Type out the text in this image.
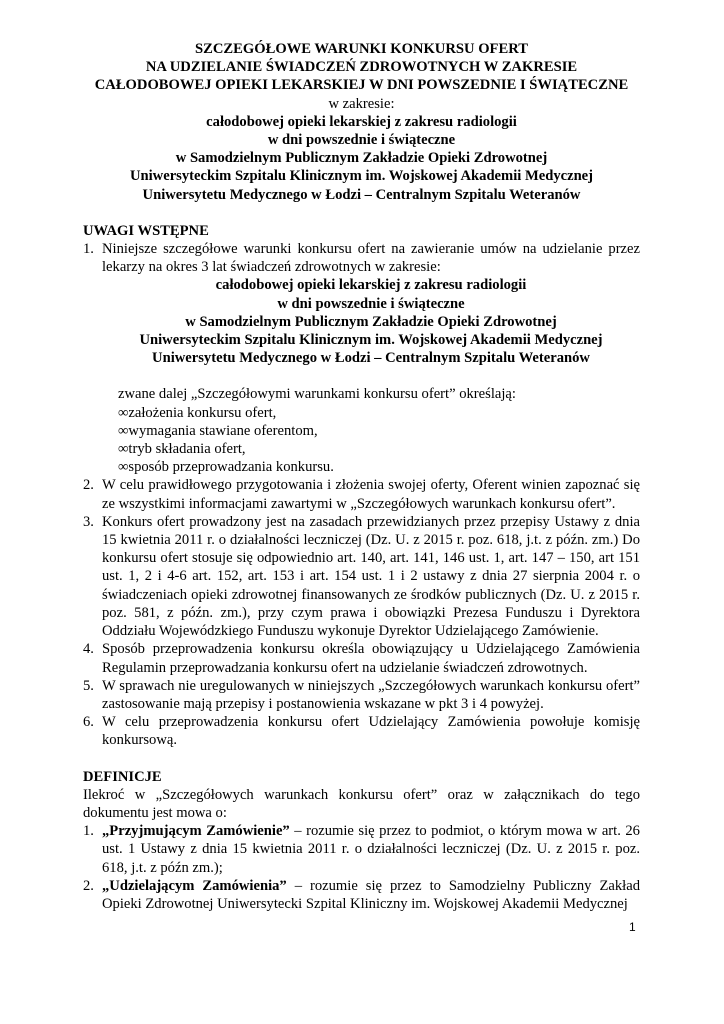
SZCZEGÓŁOWE WARUNKI KONKURSU OFERT
NA UDZIELANIE ŚWIADCZEŃ ZDROWOTNYCH W ZAKRESIE
CAŁODOBOWEJ OPIEKI LEKARSKIEJ W DNI POWSZEDNIE I ŚWIĄTECZNE
w zakresie:
całodobowej opieki lekarskiej z zakresu radiologii
w dni powszednie i świąteczne
w Samodzielnym Publicznym Zakładzie Opieki Zdrowotnej
Uniwersyteckim Szpitalu Klinicznym im. Wojskowej Akademii Medycznej
Uniwersytetu Medycznego w Łodzi – Centralnym Szpitalu Weteranów
UWAGI WSTĘPNE
1. Niniejsze szczegółowe warunki konkursu ofert na zawieranie umów na udzielanie przez lekarzy na okres 3 lat świadczeń zdrowotnych w zakresie:
całodobowej opieki lekarskiej z zakresu radiologii
w dni powszednie i świąteczne
w Samodzielnym Publicznym Zakładzie Opieki Zdrowotnej
Uniwersyteckim Szpitalu Klinicznym im. Wojskowej Akademii Medycznej
Uniwersytetu Medycznego w Łodzi – Centralnym Szpitalu Weteranów
zwane dalej „Szczegółowymi warunkami konkursu ofert” określają:
∞ założenia konkursu ofert,
∞ wymagania stawiane oferentom,
∞ tryb składania ofert,
∞ sposób przeprowadzania konkursu.
2. W celu prawidłowego przygotowania i złożenia swojej oferty, Oferent winien zapoznać się ze wszystkimi informacjami zawartymi w „Szczegółowych warunkach konkursu ofert”.
3. Konkurs ofert prowadzony jest na zasadach przewidzianych przez przepisy Ustawy z dnia 15 kwietnia 2011 r. o działalności leczniczej (Dz. U. z 2015 r. poz. 618, j.t. z późn. zm.) Do konkursu ofert stosuje się odpowiednio art. 140, art. 141, 146 ust. 1, art. 147 – 150, art 151 ust. 1, 2 i 4-6 art. 152, art. 153 i art. 154 ust. 1 i 2 ustawy z dnia 27 sierpnia 2004 r. o świadczeniach opieki zdrowotnej finansowanych ze środków publicznych (Dz. U. z 2015 r. poz. 581, z późn. zm.), przy czym prawa i obowiązki Prezesa Funduszu i Dyrektora Oddziału Wojewódzkiego Funduszu wykonuje Dyrektor Udzielającego Zamówienie.
4. Sposób przeprowadzenia konkursu określa obowiązujący u Udzielającego Zamówienia Regulamin przeprowadzania konkursu ofert na udzielanie świadczeń zdrowotnych.
5. W sprawach nie uregulowanych w niniejszych „Szczegółowych warunkach konkursu ofert” zastosowanie mają przepisy i postanowienia wskazane w pkt 3 i 4 powyżej.
6. W celu przeprowadzenia konkursu ofert Udzielający Zamówienia powołuje komisję konkursową.
DEFINICJE
Ilekroć w „Szczegółowych warunkach konkursu ofert” oraz w załącznikach do tego dokumentu jest mowa o:
1. „Przyjmującym Zamówienie” – rozumie się przez to podmiot, o którym mowa w art. 26 ust. 1 Ustawy z dnia 15 kwietnia 2011 r. o działalności leczniczej (Dz. U. z 2015 r. poz. 618, j.t. z późn zm.);
2. „Udzielającym Zamówienia” – rozumie się przez to Samodzielny Publiczny Zakład Opieki Zdrowotnej Uniwersytecki Szpital Kliniczny im. Wojskowej Akademii Medycznej
1
